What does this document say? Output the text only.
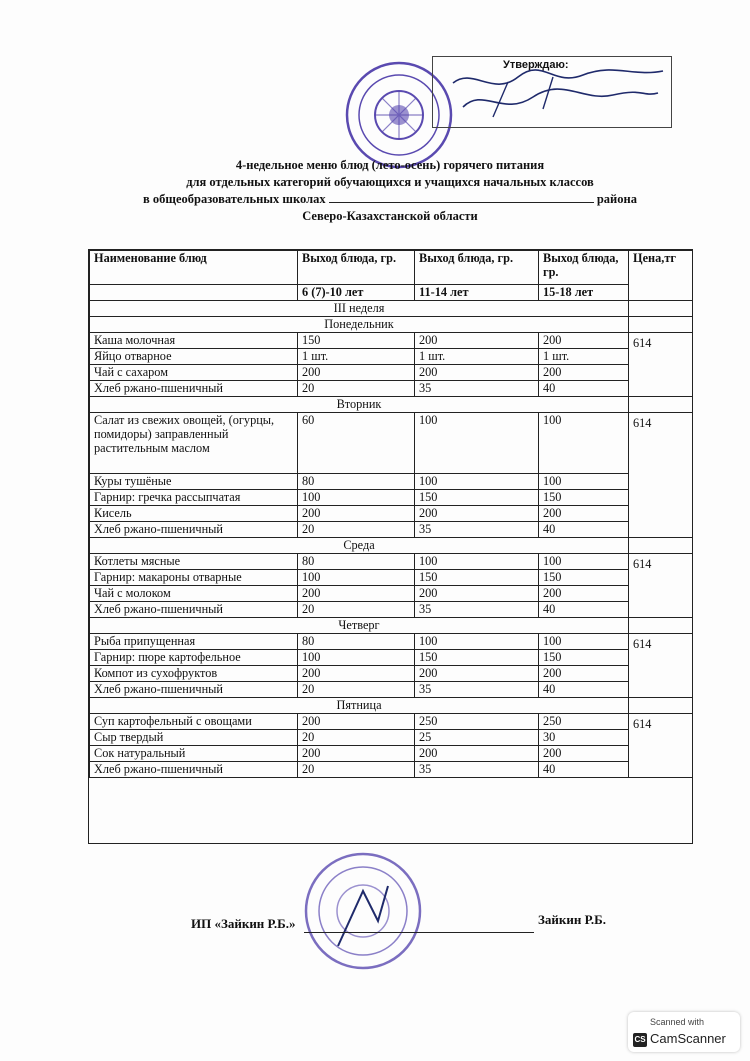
Утверждаю:
4-недельное меню блюд (лето-осень) горячего питания
для отдельных категорий обучающихся и учащихся начальных классов
в общеобразовательных школах	района
Северо-Казахстанской области
Наименование блюд	Выход блюда, гр.	Выход блюда, гр.	Выход блюда, гр.	Цена,тг
	6 (7)-10 лет	11-14 лет	15-18 лет	
III неделя				
Понедельник				
Каша молочная	150	200	200	614
Яйцо отварное	1 шт.	1 шт.	1 шт.	
Чай с сахаром	200	200	200	
Хлеб ржано-пшеничный	20	35	40	
Вторник				
Салат из свежих овощей, (огурцы, помидоры) заправленный растительным маслом	60	100	100	614
Куры тушёные	80	100	100	
Гарнир: гречка рассыпчатая	100	150	150	
Кисель	200	200	200	
Хлеб ржано-пшеничный	20	35	40	
Среда				
Котлеты мясные	80	100	100	614
Гарнир: макароны отварные	100	150	150	
Чай с молоком	200	200	200	
Хлеб ржано-пшеничный	20	35	40	
Четверг				
Рыба припущенная	80	100	100	614
Гарнир: пюре картофельное	100	150	150	
Компот из сухофруктов	200	200	200	
Хлеб ржано-пшеничный	20	35	40	
Пятница				
Суп картофельный с овощами	200	250	250	614
Сыр твердый	20	25	30	
Сок натуральный	200	200	200	
Хлеб ржано-пшеничный	20	35	40	
ИП «Зайкин Р.Б.»	Зайкин Р.Б.
Scanned with
CS CamScanner
